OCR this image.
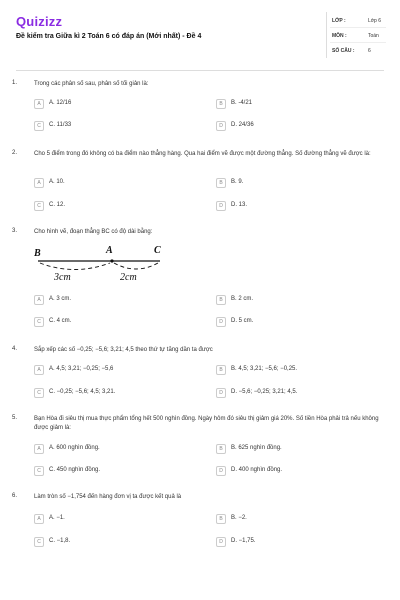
Quizizz
Đề kiểm tra Giữa kì 2 Toán 6 có đáp án (Mới nhất) - Đề 4
LỚP :	Lớp 6
MÔN :	Toán
SỐ CÂU :	6
1.	Trong các phân số sau, phân số tối giản là:
A	A. 12/16	B	B. -4/21
C	C. 11/33	D	D. 24/36
2.	Cho 5 điểm trong đó không có ba điểm nào thẳng hàng. Qua hai điểm vẽ được một đường thẳng. Số đường thẳng vẽ được là:
A	A. 10.	B	B. 9.
C	C. 12.	D	D. 13.
3.	Cho hình vẽ, đoạn thẳng BC có độ dài bằng:
B	A	C
3cm	2cm
A	A. 3 cm.	B	B. 2 cm.
C	C. 4 cm.	D	D. 5 cm.
4.	Sắp xếp các số −0,25; −5,6; 3,21; 4,5 theo thứ tự tăng dần ta được
A	A. 4,5; 3,21; −0,25; −5,6	B	B. 4,5; 3,21; −5,6; −0,25.
C	C. −0,25; −5,6; 4,5; 3,21.	D	D. −5,6; −0,25; 3,21; 4,5.
5.	Bạn Hòa đi siêu thị mua thực phẩm tổng hết 500 nghìn đồng. Ngày hôm đó siêu thị giảm giá 20%. Số tiền Hòa phải trả nếu không được giảm là:
A	A. 600 nghìn đồng.	B	B. 625 nghìn đồng.
C	C. 450 nghìn đồng.	D	D. 400 nghìn đồng.
6.	Làm tròn số −1,754 đến hàng đơn vị ta được kết quả là
A	A. −1.	B	B. −2.
C	C. −1,8.	D	D. −1,75.
